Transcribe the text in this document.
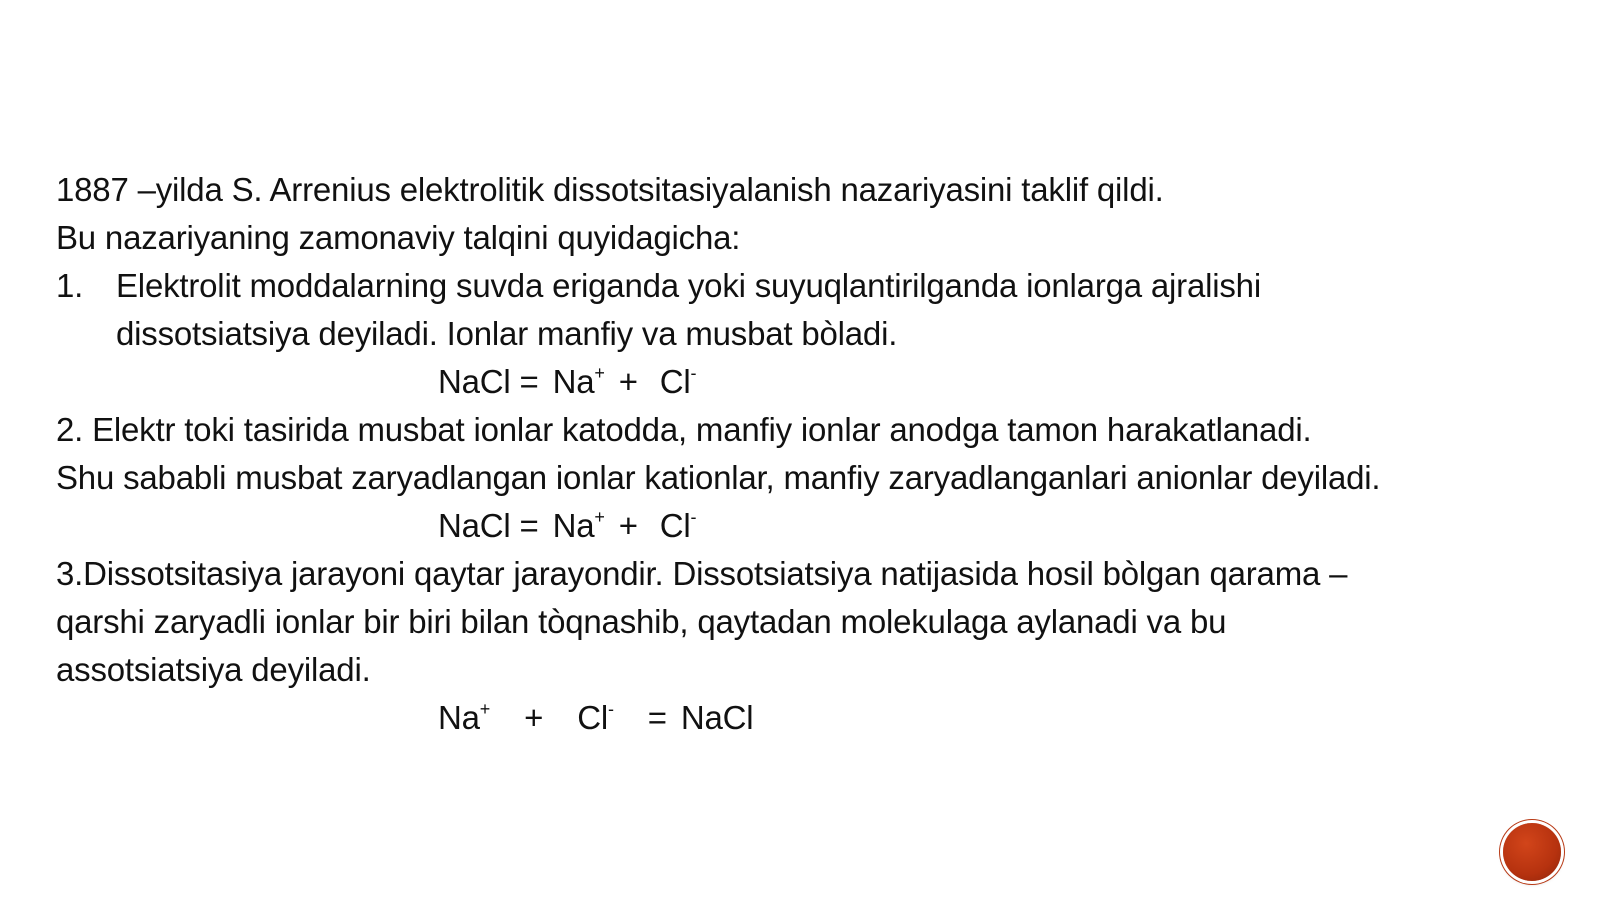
1887 –yilda S. Arrenius elektrolitik dissotsitasiyalanish nazariyasini taklif qildi.
Bu nazariyaning zamonaviy talqini quyidagicha:
1. Elektrolit moddalarning suvda eriganda yoki suyuqlantirilganda ionlarga ajralishi
dissotsiatsiya deyiladi. Ionlar manfiy va musbat bòladi.
NaCl = Na+ + Cl-
2. Elektr toki tasirida musbat ionlar katodda, manfiy ionlar anodga tamon harakatlanadi.
Shu sababli musbat zaryadlangan ionlar kationlar, manfiy zaryadlanganlari anionlar deyiladi.
NaCl = Na+ + Cl-
3.Dissotsitasiya jarayoni qaytar jarayondir. Dissotsiatsiya natijasida hosil bòlgan qarama –
qarshi zaryadli ionlar bir biri bilan tòqnashib, qaytadan molekulaga aylanadi va bu
assotsiatsiya deyiladi.
Na+ + Cl- = NaCl
